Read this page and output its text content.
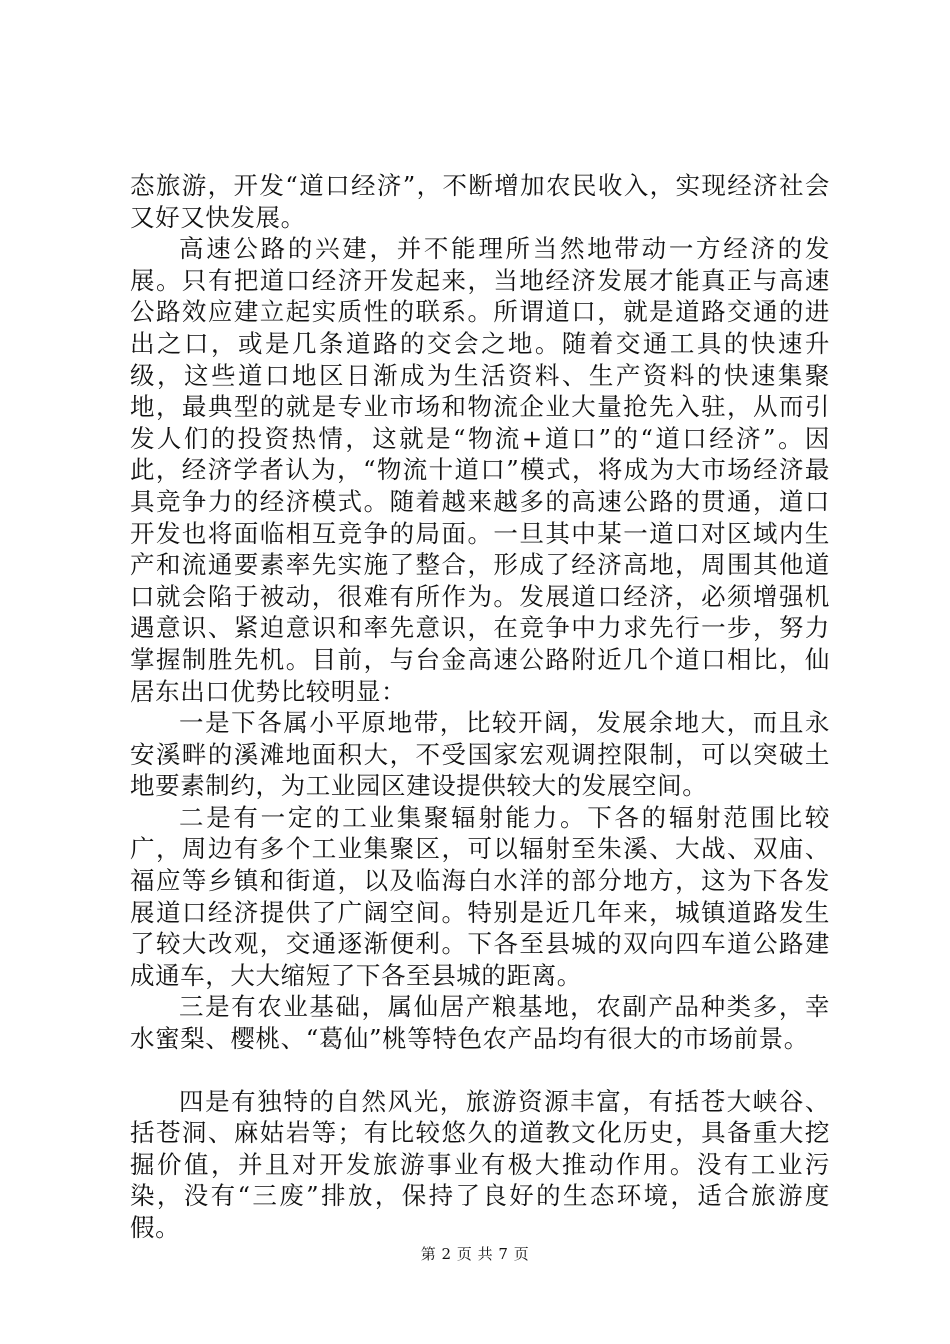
态旅游，开发“道口经济”，不断增加农民收入，实现经济社会又好又快发展。

高速公路的兴建，并不能理所当然地带动一方经济的发展。只有把道口经济开发起来，当地经济发展才能真正与高速公路效应建立起实质性的联系。所谓道口，就是道路交通的进出之口，或是几条道路的交会之地。随着交通工具的快速升级，这些道口地区日渐成为生活资料、生产资料的快速集聚地，最典型的就是专业市场和物流企业大量抢先入驻，从而引发人们的投资热情，这就是“物流+道口”的“道口经济”。因此，经济学者认为，“物流十道口”模式，将成为大市场经济最具竞争力的经济模式。随着越来越多的高速公路的贯通，道口开发也将面临相互竞争的局面。一旦其中某一道口对区域内生产和流通要素率先实施了整合，形成了经济高地，周围其他道口就会陷于被动，很难有所作为。发展道口经济，必须增强机遇意识、紧迫意识和率先意识，在竞争中力求先行一步，努力掌握制胜先机。目前，与台金高速公路附近几个道口相比，仙居东出口优势比较明显：

一是下各属小平原地带，比较开阔，发展余地大，而且永安溪畔的溪滩地面积大，不受国家宏观调控限制，可以突破土地要素制约，为工业园区建设提供较大的发展空间。

二是有一定的工业集聚辐射能力。下各的辐射范围比较广，周边有多个工业集聚区，可以辐射至朱溪、大战、双庙、福应等乡镇和街道，以及临海白水洋的部分地方，这为下各发展道口经济提供了广阔空间。特别是近几年来，城镇道路发生了较大改观，交通逐渐便利。下各至县城的双向四车道公路建成通车，大大缩短了下各至县城的距离。

三是有农业基础，属仙居产粮基地，农副产品种类多，幸水蜜梨、樱桃、“葛仙”桃等特色农产品均有很大的市场前景。

四是有独特的自然风光，旅游资源丰富，有括苍大峡谷、括苍洞、麻姑岩等；有比较悠久的道教文化历史，具备重大挖掘价值，并且对开发旅游事业有极大推动作用。没有工业污染，没有“三废”排放，保持了良好的生态环境，适合旅游度假。

第 2 页 共 7 页
